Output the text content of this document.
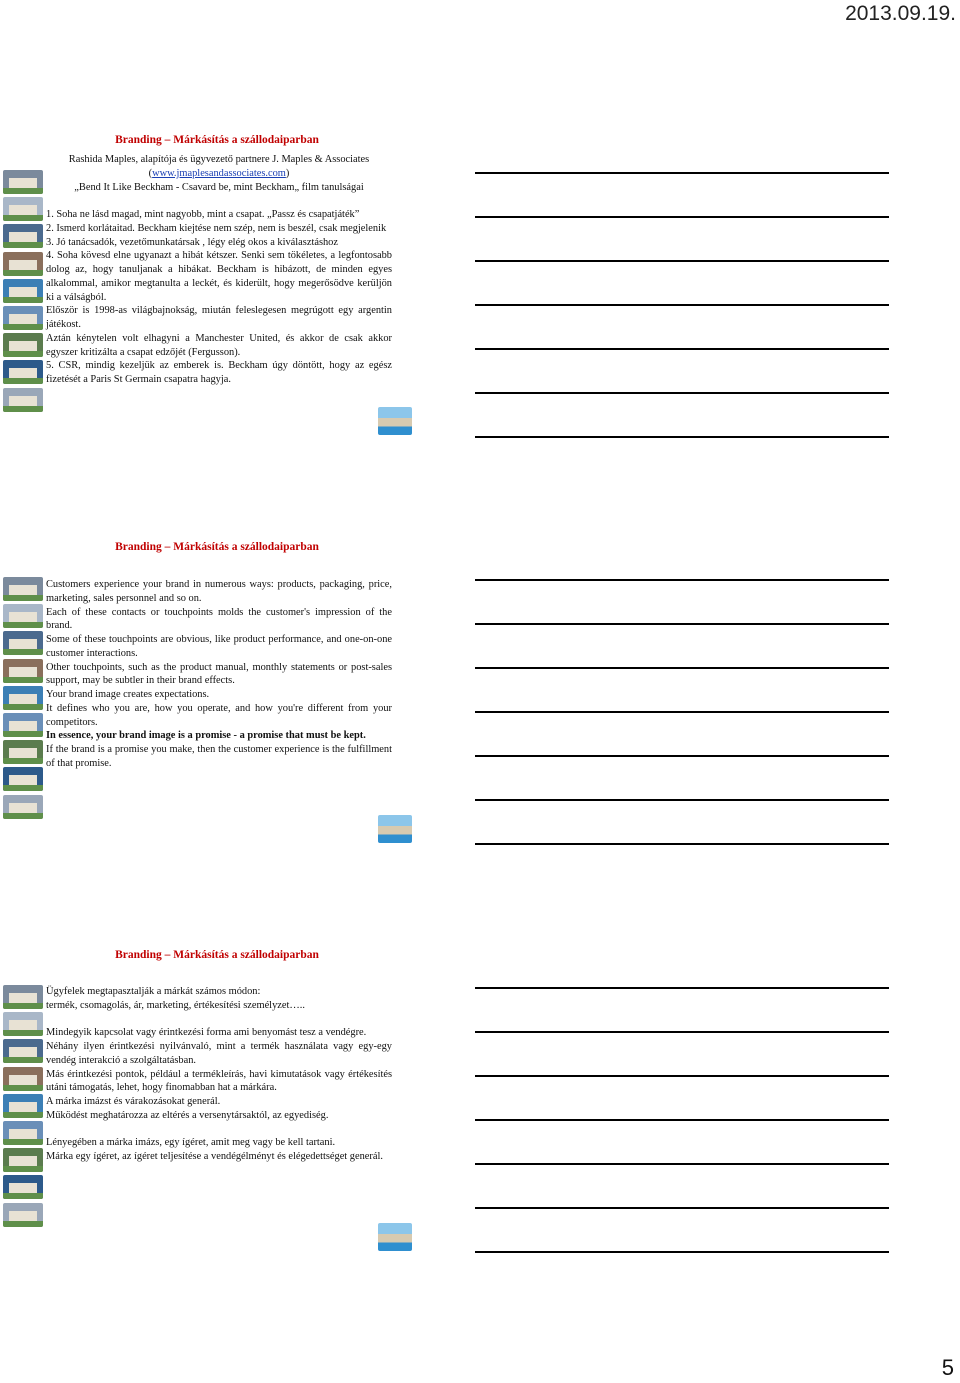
2013.09.19.
Branding – Márkásítás a szállodaiparban

Rashida Maples, alapítója és ügyvezető partnere J. Maples & Associates

(www.jmaplesandassociates.com)

„Bend It Like Beckham - Csavard be, mint Beckham„ film tanulságai

1. Soha ne lásd magad, mint nagyobb, mint a csapat. „Passz és csapatjáték”

2. Ismerd korlátaitad. Beckham kiejtése nem szép, nem is beszél, csak megjelenik

3. Jó tanácsadók, vezetőmunkatársak , légy elég okos a kiválasztáshoz

4. Soha kövesd elne ugyanazt a hibát kétszer. Senki sem tökéletes, a legfontosabb dolog az, hogy tanuljanak a hibákat. Beckham is hibázott, de minden egyes alkalommal, amikor megtanulta a leckét, és kiderült, hogy megerősödve kerüljön ki a válságból.

Először is 1998-as világbajnokság, miután feleslegesen megrúgott egy argentin játékost.

Aztán kénytelen volt elhagyni a Manchester United, és akkor de csak akkor egyszer kritizálta a csapat edzőjét (Fergusson).

5. CSR, mindig kezeljük az emberek is. Beckham úgy döntött, hogy az egész fizetését a Paris St Germain csapatra hagyja.

Branding – Márkásítás a szállodaiparban

Customers experience your brand in numerous ways: products, packaging, price, marketing, sales personnel and so on.

Each of these contacts or touchpoints molds the customer's impression of the brand.

Some of these touchpoints are obvious, like product performance, and one-on-one customer interactions.

Other touchpoints, such as the product manual, monthly statements or post-sales support, may be subtler in their brand effects.

Your brand image creates expectations.

It defines who you are, how you operate, and how you're different from your competitors.

In essence, your brand image is a promise - a promise that must be kept.

If the brand is a promise you make, then the customer experience is the fulfillment of that promise.

Branding – Márkásítás a szállodaiparban

Ügyfelek megtapasztalják a márkát számos módon:

termék, csomagolás, ár, marketing, értékesítési személyzet…..

Mindegyik kapcsolat vagy érintkezési forma ami benyomást tesz a vendégre.

Néhány ilyen érintkezési nyilvánvaló, mint a termék használata vagy egy-egy vendég interakció a szolgáltatásban.

Más érintkezési pontok, például a termékleírás, havi kimutatások vagy értékesítés utáni támogatás, lehet, hogy finomabban hat a márkára.

A márka imázst és várakozásokat generál.

Működést meghatározza az eltérés a versenytársaktól, az egyediség.

Lényegében a márka imázs, egy ígéret, amit meg vagy be kell tartani.

Márka egy ígéret, az ígéret teljesítése a vendégélményt és elégedettséget generál.

5
